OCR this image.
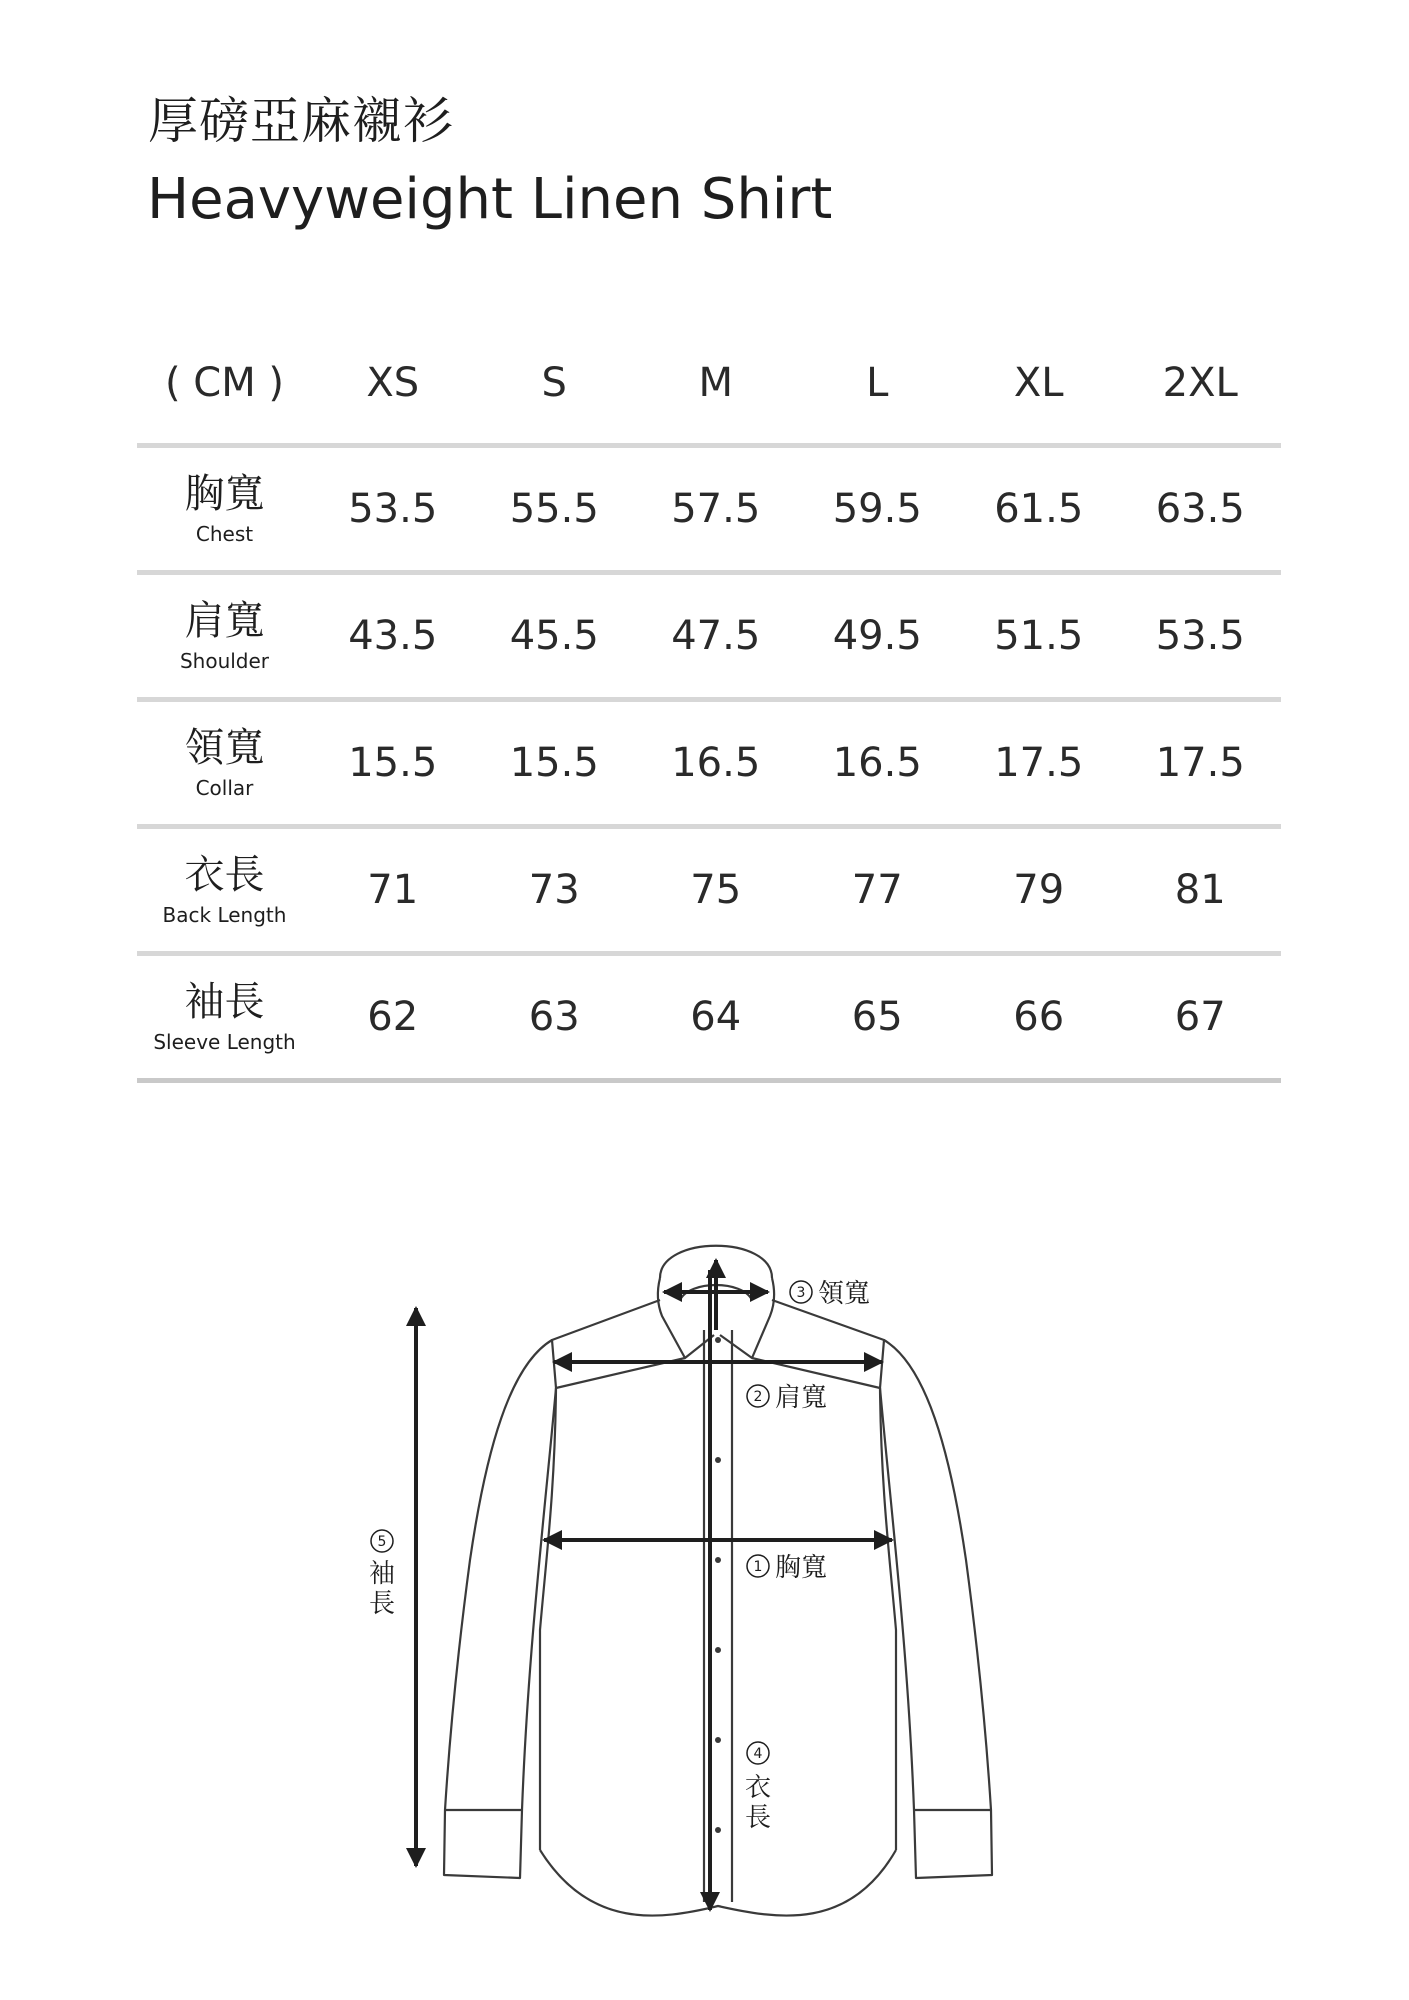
厚磅亞麻襯衫
Heavyweight Linen Shirt
( CM )	XS	S	M	L	XL	2XL
胸寬
Chest
53.5	55.5	57.5	59.5	61.5	63.5
肩寬
Shoulder
43.5	45.5	47.5	49.5	51.5	53.5
領寬
Collar
15.5	15.5	16.5	16.5	17.5	17.5
衣長
Back Length
71	73	75	77	79	81
袖長
Sleeve Length
62	63	64	65	66	67
3 領寬
2 肩寬
1 胸寬
4
衣
長
5
袖
長
